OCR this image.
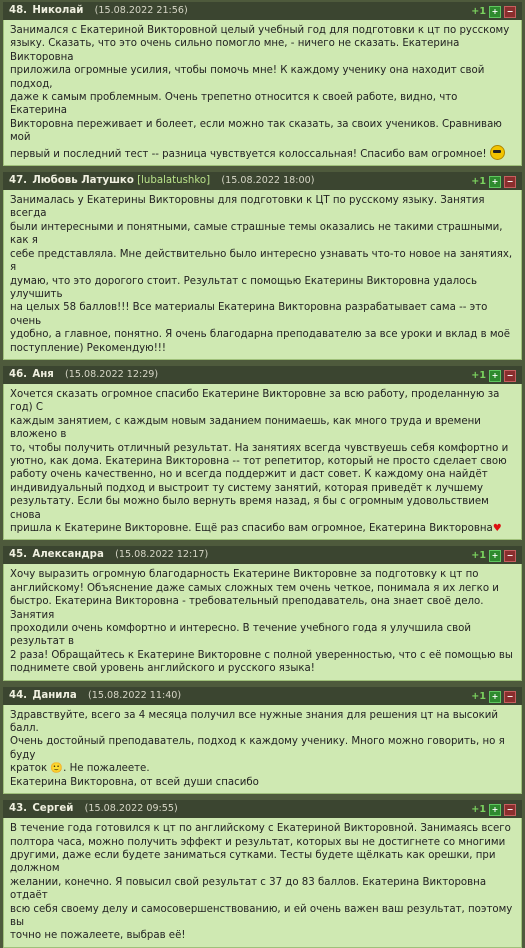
48. Николай (15.08.2022 21:56)	+1 +	−

Занимался с Екатериной Викторовной целый учебный год для подготовки к цт по русскому

языку. Сказать, что это очень сильно помогло мне, - ничего не сказать. Екатерина Викторовна

приложила огромные усилия, чтобы помочь мне! К каждому ученику она находит свой подход,

даже к самым проблемным. Очень трепетно относится к своей работе, видно, что Екатерина

Викторовна переживает и болеет, если можно так сказать, за своих учеников. Сравниваю мой

первый и последний тест -- разница чувствуется колоссальная! Спасибо вам огромное!

47. Любовь Латушко [lubalatushko] (15.08.2022 18:00)	+1 +	−

Занималась у Екатерины Викторовны для подготовки к ЦТ по русскому языку. Занятия всегда

были интересными и понятными, самые страшные темы оказались не такими страшными, как я

себе представляла. Мне действительно было интересно узнавать что-то новое на занятиях, я

думаю, что это дорогого стоит. Результат с помощью Екатерины Викторовна удалось улучшить

на целых 58 баллов!!! Все материалы Екатерина Викторовна разрабатывает сама -- это очень

удобно, а главное, понятно. Я очень благодарна преподавателю за все уроки и вклад в моё

поступление) Рекомендую!!!

46. Аня (15.08.2022 12:29)	+1 +	−

Хочется сказать огромное спасибо Екатерине Викторовне за всю работу, проделанную за год) С

каждым занятием, с каждым новым заданием понимаешь, как много труда и времени вложено в

то, чтобы получить отличный результат. На занятиях всегда чувствуешь себя комфортно и

уютно, как дома. Екатерина Викторовна -- тот репетитор, который не просто сделает свою

работу очень качественно, но и всегда поддержит и даст совет. К каждому она найдёт

индивидуальный подход и выстроит ту систему занятий, которая приведёт к лучшему

результату. Если бы можно было вернуть время назад, я бы с огромным удовольствием снова

пришла к Екатерине Викторовне. Ещё раз спасибо вам огромное, Екатерина Викторовна♥

45. Александра (15.08.2022 12:17)	+1 +	−

Хочу выразить огромную благодарность Екатерине Викторовне за подготовку к цт по

английскому! Объяснение даже самых сложных тем очень четкое, понимала я их легко и

быстро. Екатерина Викторовна - требовательный преподаватель, она знает своё дело. Занятия

проходили очень комфортно и интересно. В течение учебного года я улучшила свой результат в

2 раза! Обращайтесь к Екатерине Викторовне с полной уверенностью, что с её помощью вы

поднимете свой уровень английского и русского языка!

44. Данила (15.08.2022 11:40)	+1 +	−

Здравствуйте, всего за 4 месяца получил все нужные знания для решения цт на высокий балл.

Очень достойный преподаватель, подход к каждому ученику. Много можно говорить, но я буду

краток 🙂. Не пожалеете.

Екатерина Викторовна, от всей души спасибо

43. Сергей (15.08.2022 09:55)	+1 +	−

В течение года готовился к цт по английскому с Екатериной Викторовной. Занимаясь всего

полтора часа, можно получить эффект и результат, которых вы не достигнете со многими

другими, даже если будете заниматься сутками. Тесты будете щёлкать как орешки, при должном

желании, конечно. Я повысил свой результат с 37 до 83 баллов. Екатерина Викторовна отдаёт

всю себя своему делу и самосовершенствованию, и ей очень важен ваш результат, поэтому вы

точно не пожалеете, выбрав её!
